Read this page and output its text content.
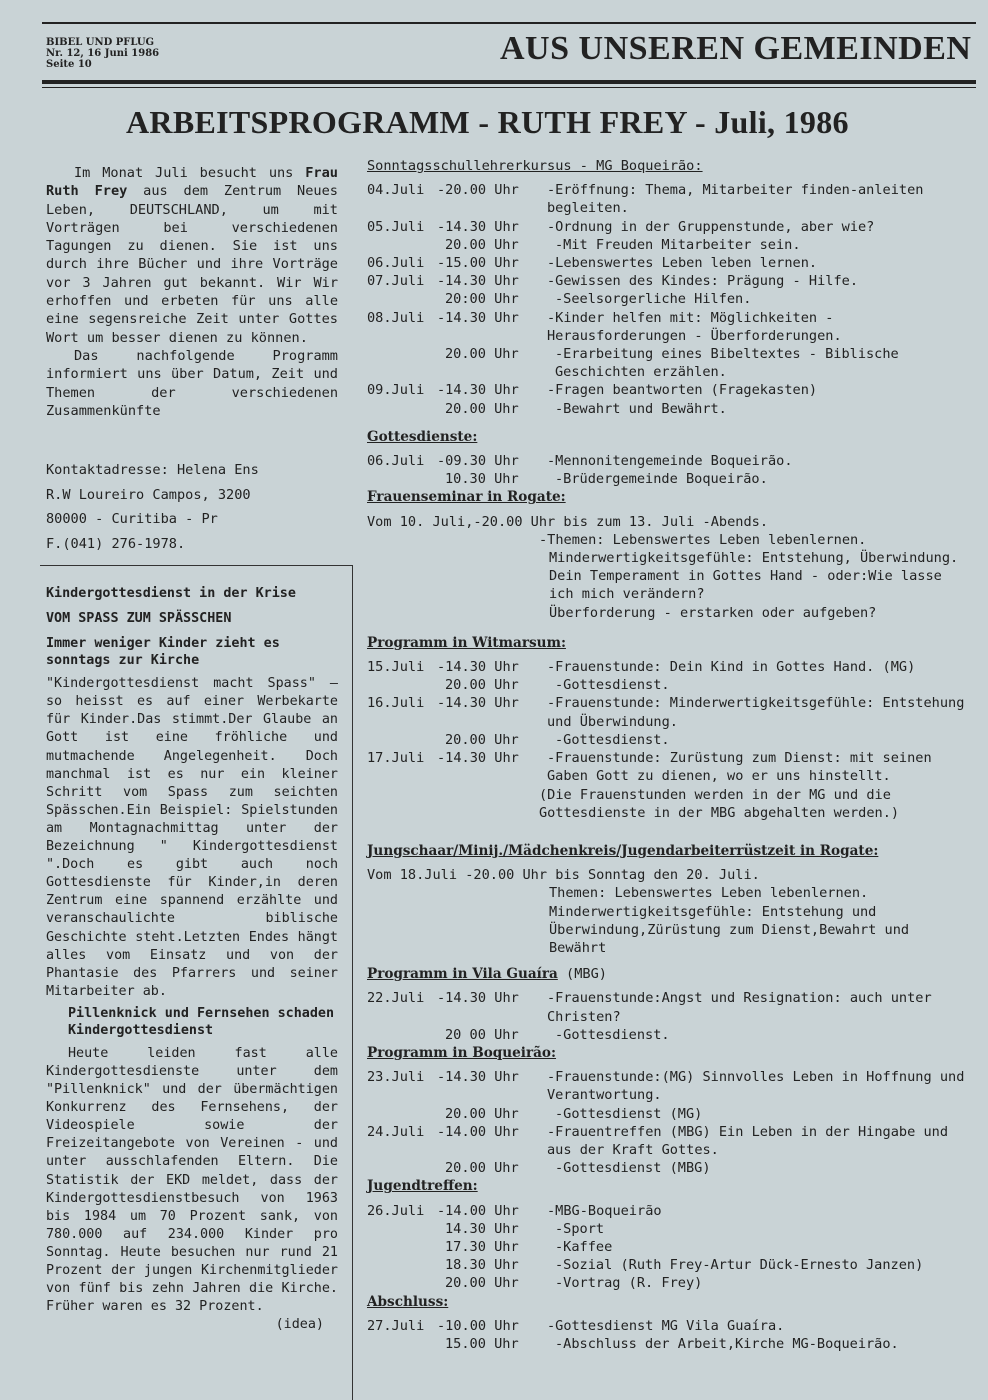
BIBEL UND PFLUG
Nr. 12, 16 Juni 1986
Seite 10	AUS UNSEREN GEMEINDEN
ARBEITSPROGRAMM - RUTH FREY - Juli, 1986

Im Monat Juli besucht uns Frau Ruth Frey aus dem Zentrum Neues Leben, DEUTSCHLAND, um mit Vorträgen bei verschiedenen Tagungen zu dienen. Sie ist uns durch ihre Bücher und ihre Vorträge vor 3 Jahren gut bekannt. Wir Wir erhoffen und erbeten für uns alle eine segensreiche Zeit unter Gottes Wort um besser dienen zu können.

Das nachfolgende Programm informiert uns über Datum, Zeit und Themen der verschiedenen Zusammenkünfte

Kontaktadresse: Helena Ens
R.W Loureiro Campos, 3200
80000 - Curitiba - Pr
F.(041) 276-1978.
Kindergottesdienst in der Krise
VOM SPASS ZUM SPÄSSCHEN
Immer weniger Kinder zieht es sonntags zur Kirche

"Kindergottesdienst macht Spass" — so heisst es auf einer Werbekarte für Kinder.Das stimmt.Der Glaube an Gott ist eine fröhliche und mutmachende Angelegenheit. Doch manchmal ist es nur ein kleiner Schritt vom Spass zum seichten Spässchen.Ein Beispiel: Spielstunden am Montagnachmittag unter der Bezeichnung " Kindergottesdienst ".Doch es gibt auch noch Gottesdienste für Kinder,in deren Zentrum eine spannend erzählte und veranschaulichte biblische Geschichte steht.Letzten Endes hängt alles vom Einsatz und von der Phantasie des Pfarrers und seiner Mitarbeiter ab.

Pillenknick und Fernsehen schaden Kindergottesdienst

Heute leiden fast alle Kindergottesdienste unter dem "Pillenknick" und der übermächtigen Konkurrenz des Fernsehens, der Videospiele sowie der Freizeitangebote von Vereinen - und unter ausschlafenden Eltern. Die Statistik der EKD meldet, dass der Kindergottesdienstbesuch von 1963 bis 1984 um 70 Prozent sank, von 780.000 auf 234.000 Kinder pro Sonntag. Heute besuchen nur rund 21 Prozent der jungen Kirchenmitglieder von fünf bis zehn Jahren die Kirche. Früher waren es 32 Prozent.

(idea)
Sonntagsschullehrerkursus - MG Boqueirão:
04.Juli -20.00 Uhr	-Eröffnung: Thema, Mitarbeiter finden-anleiten begleiten.
05.Juli -14.30 Uhr	-Ordnung in der Gruppenstunde, aber wie?
20.00 Uhr	-Mit Freuden Mitarbeiter sein.
06.Juli -15.00 Uhr	-Lebenswertes Leben leben lernen.
07.Juli -14.30 Uhr	-Gewissen des Kindes: Prägung - Hilfe.
20:00 Uhr	-Seelsorgerliche Hilfen.
08.Juli -14.30 Uhr	-Kinder helfen mit: Möglichkeiten - Herausforderungen - Überforderungen.
20.00 Uhr	-Erarbeitung eines Bibeltextes - Biblische Geschichten erzählen.
09.Juli -14.30 Uhr	-Fragen beantworten (Fragekasten)
20.00 Uhr	-Bewahrt und Bewährt.
Gottesdienste:
06.Juli -09.30 Uhr	-Mennonitengemeinde Boqueirão.
10.30 Uhr	-Brüdergemeinde Boqueirão.
Frauenseminar in Rogate:
Vom 10. Juli,-20.00 Uhr bis zum 13. Juli -Abends.
-Themen: Lebenswertes Leben lebenlernen.
Minderwertigkeitsgefühle: Entstehung, Überwindung.
Dein Temperament in Gottes Hand - oder:Wie lasse ich mich verändern?
Überforderung - erstarken oder aufgeben?
Programm in Witmarsum:
15.Juli -14.30 Uhr	-Frauenstunde: Dein Kind in Gottes Hand. (MG)
20.00 Uhr	-Gottesdienst.
16.Juli -14.30 Uhr	-Frauenstunde: Minderwertigkeitsgefühle: Entstehung und Überwindung.
20.00 Uhr	-Gottesdienst.
17.Juli -14.30 Uhr	-Frauenstunde: Zurüstung zum Dienst: mit seinen Gaben Gott zu dienen, wo er uns hinstellt.
(Die Frauenstunden werden in der MG und die Gottesdienste in der MBG abgehalten werden.)
Jungschaar/Minij./Mädchenkreis/Jugendarbeiterrüstzeit in Rogate:
Vom 18.Juli -20.00 Uhr bis Sonntag den 20. Juli.
Themen: Lebenswertes Leben lebenlernen.
Minderwertigkeitsgefühle: Entstehung und Überwindung,Zürüstung zum Dienst,Bewahrt und Bewährt
Programm in Vila Guaíra (MBG)
22.Juli -14.30 Uhr	-Frauenstunde:Angst und Resignation: auch unter Christen?
20 00 Uhr	-Gottesdienst.
Programm in Boqueirão:
23.Juli -14.30 Uhr	-Frauenstunde:(MG) Sinnvolles Leben in Hoffnung und Verantwortung.
20.00 Uhr	-Gottesdienst (MG)
24.Juli -14.00 Uhr	-Frauentreffen (MBG) Ein Leben in der Hingabe und aus der Kraft Gottes.
20.00 Uhr	-Gottesdienst (MBG)
Jugendtreffen:
26.Juli -14.00 Uhr	-MBG-Boqueirão
14.30 Uhr	-Sport
17.30 Uhr	-Kaffee
18.30 Uhr	-Sozial (Ruth Frey-Artur Dück-Ernesto Janzen)
20.00 Uhr	-Vortrag (R. Frey)
Abschluss:
27.Juli -10.00 Uhr	-Gottesdienst MG Vila Guaíra.
15.00 Uhr	-Abschluss der Arbeit,Kirche MG-Boqueirão.
